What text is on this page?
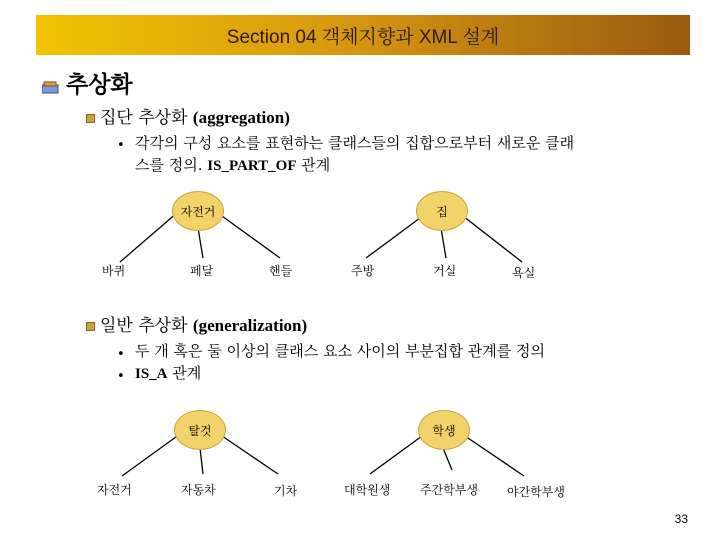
Section 04 객체지향과 XML 설계
추상화
집단 추상화 (aggregation)
• 각각의 구성 요소를 표현하는 클래스들의 집합으로부터 새로운 클래
스를 정의. IS_PART_OF 관계
자전거	집
바퀴	페달	핸들	주방	거실	욕실
일반 추상화 (generalization)
• 두 개 혹은 둘 이상의 클래스 요소 사이의 부분집합 관계를 정의
• IS_A 관계
탈것	학생
자전거	자동차	기차	대학원생 주간학부생 야간학부생
33
